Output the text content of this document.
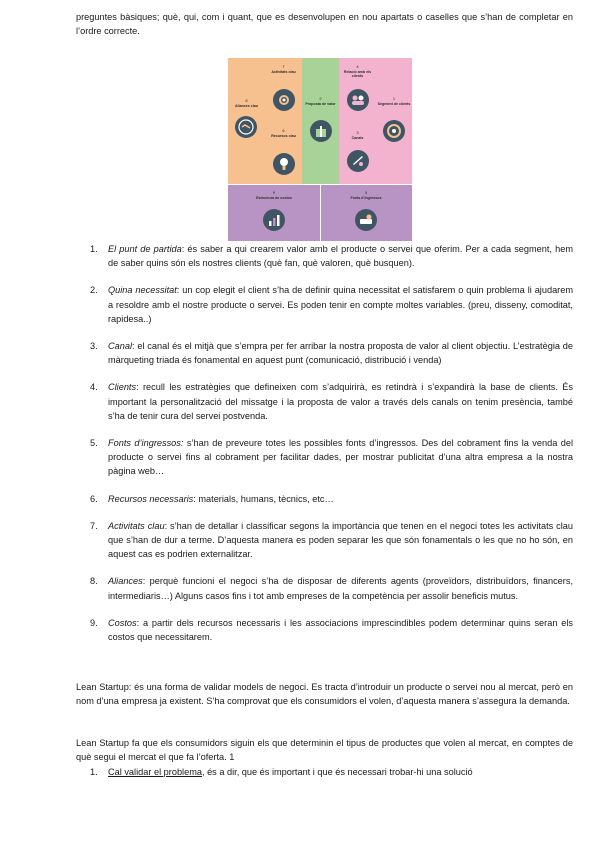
preguntes bàsiques; què, qui, com i quant, que es desenvolupen en nou apartats o caselles que s’han de completar en l’ordre correcte.
8
Aliances clau
7
Activitats clau
6
Recursos clau
2
Proposta de valor
4
Relació amb els clients
3
Canals
1
Segment de clients
9
Estructura de costos
5
Fonts d’ingressos
1. El punt de partida: és saber a qui crearem valor amb el producte o servei que oferim. Per a cada segment, hem de saber quins són els nostres clients (què fan, què valoren, què busquen).
2. Quina necessitat: un cop elegit el client s’ha de definir quina necessitat el satisfarem o quin problema li ajudarem a resoldre amb el nostre producte o servei. Es poden tenir en compte moltes variables. (preu, disseny, comoditat, rapidesa..)
3. Canal: el canal és el mitjà que s’empra per fer arribar la nostra proposta de valor al client objectiu. L’estratègia de màrqueting triada és fonamental en aquest punt (comunicació, distribució i venda)
4. Clients: recull les estratègies que defineixen com s’adquirirà, es retindrà i s’expandirà la base de clients. És important la personalització del missatge i la proposta de valor a través dels canals on tenim presència, també s’ha de tenir cura del servei postvenda.
5. Fonts d’ingressos: s’han de preveure totes les possibles fonts d’ingressos. Des del cobrament fins la venda del producte o servei fins al cobrament per facilitar dades, per mostrar publicitat d’una altra empresa a la nostra pàgina web…
6. Recursos necessaris: materials, humans, tècnics, etc…
7. Activitats clau: s’han de detallar i classificar segons la importància que tenen en el negoci totes les activitats clau que s’han de dur a terme. D’aquesta manera es poden separar les que són fonamentals o les que no ho són, en aquest cas es podrien externalitzar.
8. Aliances: perquè funcioni el negoci s’ha de disposar de diferents agents (proveïdors, distribuïdors, financers, intermediaris…) Alguns casos fins i tot amb empreses de la competència per assolir beneficis mutus.
9. Costos: a partir dels recursos necessaris i les associacions imprescindibles podem determinar quins seran els costos que necessitarem.
Lean Startup: és una forma de validar models de negoci. Es tracta d’introduir un producte o servei nou al mercat, però en nom d’una empresa ja existent. S’ha comprovat que els consumidors el volen, d’aquesta manera s’assegura la demanda.
Lean Startup fa que els consumidors siguin els que determinin el tipus de productes que volen al mercat, en comptes de què segui el mercat el que fa l’oferta. 1
1. Cal validar el problema, és a dir, que és important i que és necessari trobar-hi una solució
